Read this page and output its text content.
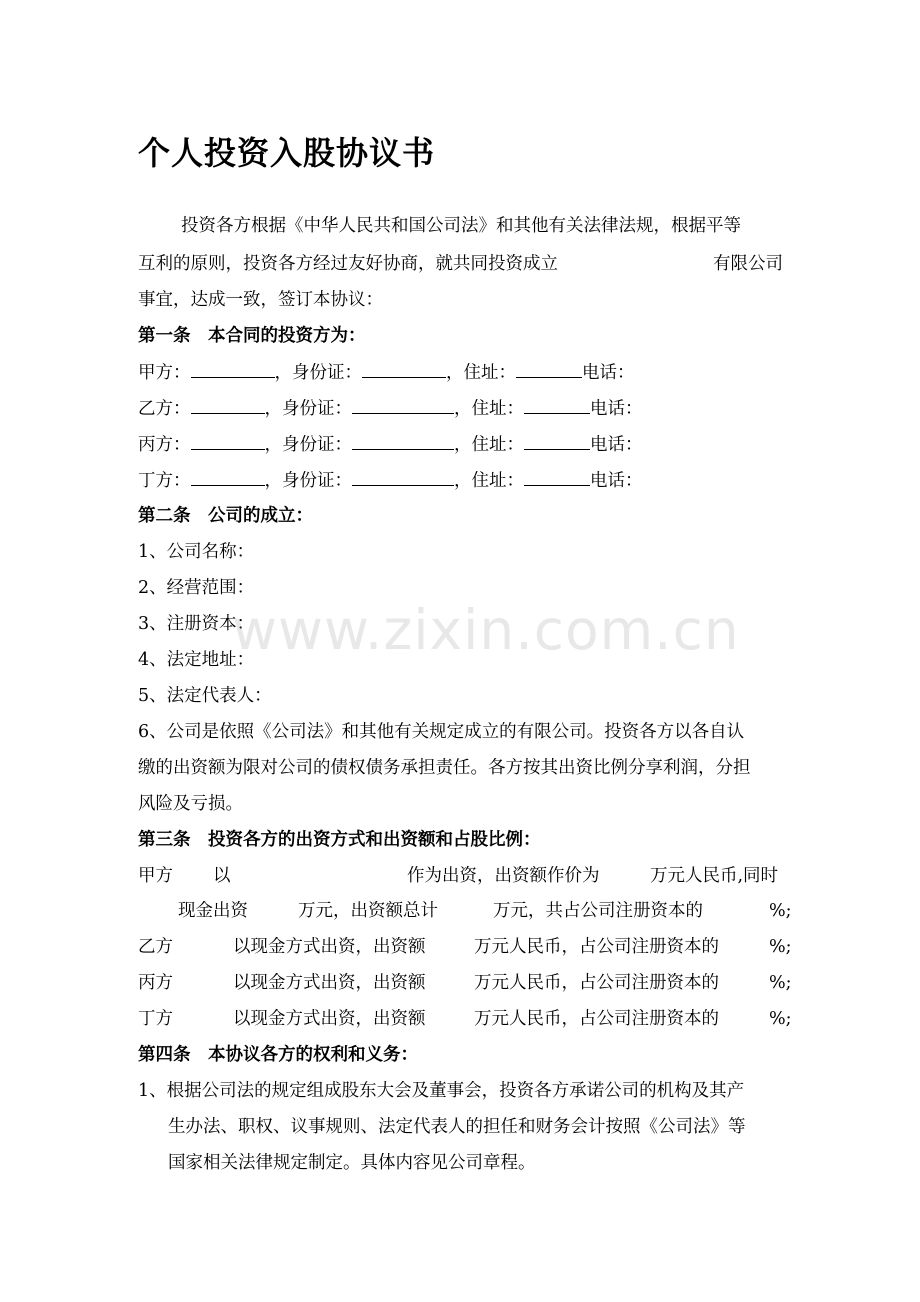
个人投资入股协议书
投资各方根据《中华人民共和国公司法》和其他有关法律法规，根据平等
互利的原则，投资各方经过友好协商，就共同投资成立	有限公司
事宜，达成一致，签订本协议：
第一条　本合同的投资方为：
甲方：	，身份证：	，住址：	电话：
乙方：	，身份证：	，住址：	电话：
丙方：	，身份证：	，住址：	电话：
丁方：	，身份证：	，住址：	电话：
第二条　公司的成立：
1、公司名称：
2、经营范围：
3、注册资本：
4、法定地址：
5、法定代表人：
6、公司是依照《公司法》和其他有关规定成立的有限公司。投资各方以各自认
缴的出资额为限对公司的债权债务承担责任。各方按其出资比例分享利润，分担
风险及亏损。
第三条　投资各方的出资方式和出资额和占股比例：
甲方 以	作为出资，出资额作价为	万元人民币,同时
现金出资	万元，出资额总计	万元，共占公司注册资本的	%;
乙方	以现金方式出资，出资额	万元人民币，占公司注册资本的	%;
丙方	以现金方式出资，出资额	万元人民币，占公司注册资本的	%;
丁方	以现金方式出资，出资额	万元人民币，占公司注册资本的	%;
第四条　本协议各方的权利和义务：
1、根据公司法的规定组成股东大会及董事会，投资各方承诺公司的机构及其产
生办法、职权、议事规则、法定代表人的担任和财务会计按照《公司法》等
国家相关法律规定制定。具体内容见公司章程。
www.zixin.com.cn
